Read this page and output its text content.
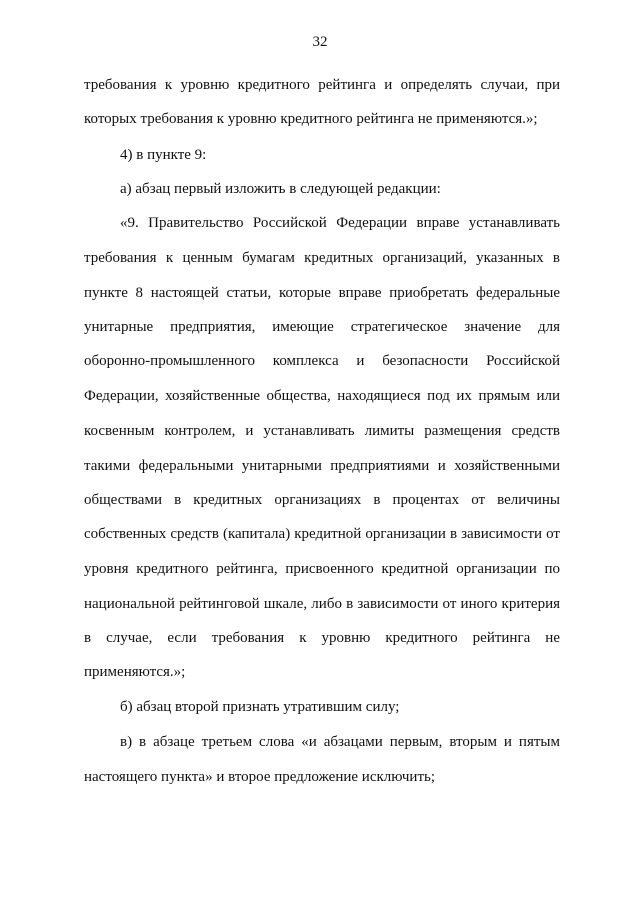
32
требования к уровню кредитного рейтинга и определять случаи, при
которых требования к уровню кредитного рейтинга не применяются.»;
4) в пункте 9:
а) абзац первый изложить в следующей редакции:
«9. Правительство Российской Федерации вправе устанавливать
требования к ценным бумагам кредитных организаций, указанных в
пункте 8 настоящей статьи, которые вправе приобретать федеральные
унитарные предприятия, имеющие стратегическое значение для
оборонно-промышленного комплекса и безопасности Российской
Федерации, хозяйственные общества, находящиеся под их прямым или
косвенным контролем, и устанавливать лимиты размещения средств
такими федеральными унитарными предприятиями и хозяйственными
обществами в кредитных организациях в процентах от величины
собственных средств (капитала) кредитной организации в зависимости от
уровня кредитного рейтинга, присвоенного кредитной организации по
национальной рейтинговой шкале, либо в зависимости от иного критерия
в случае, если требования к уровню кредитного рейтинга не
применяются.»;
б) абзац второй признать утратившим силу;
в) в абзаце третьем слова «и абзацами первым, вторым и пятым
настоящего пункта» и второе предложение исключить;
